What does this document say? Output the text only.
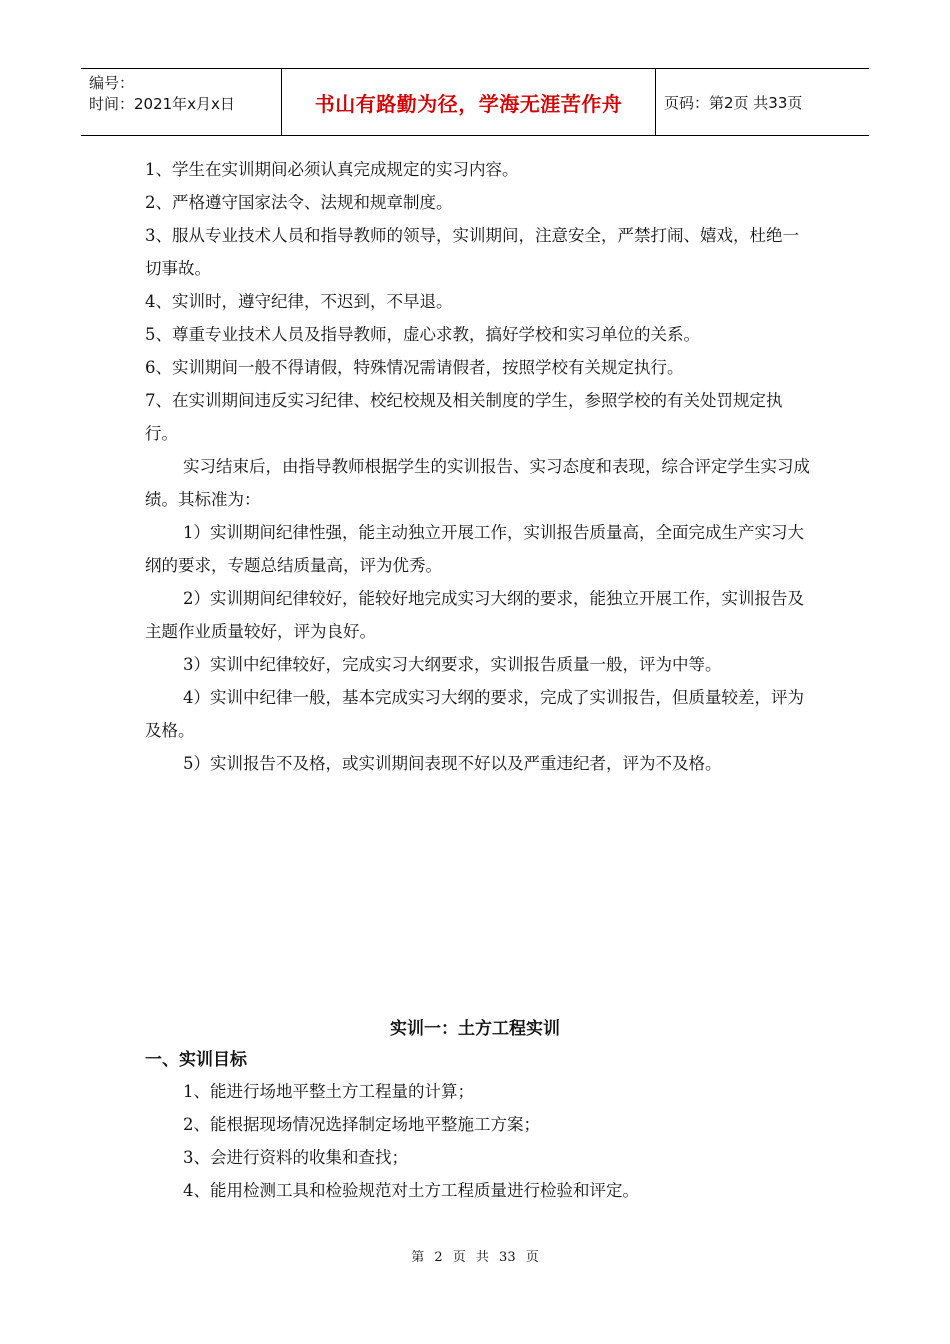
编号：
时间：2021年x月x日	书山有路勤为径，学海无涯苦作舟	页码：第2页 共33页

1、学生在实训期间必须认真完成规定的实习内容。

2、严格遵守国家法令、法规和规章制度。

3、服从专业技术人员和指导教师的领导，实训期间，注意安全，严禁打闹、嬉戏，杜绝一切事故。

4、实训时，遵守纪律，不迟到，不早退。

5、尊重专业技术人员及指导教师，虚心求教，搞好学校和实习单位的关系。

6、实训期间一般不得请假，特殊情况需请假者，按照学校有关规定执行。

7、在实训期间违反实习纪律、校纪校规及相关制度的学生，参照学校的有关处罚规定执行。

实习结束后，由指导教师根据学生的实训报告、实习态度和表现，综合评定学生实习成绩。其标准为：

1）实训期间纪律性强，能主动独立开展工作，实训报告质量高，全面完成生产实习大纲的要求，专题总结质量高，评为优秀。

2）实训期间纪律较好，能较好地完成实习大纲的要求，能独立开展工作，实训报告及主题作业质量较好，评为良好。

3）实训中纪律较好，完成实习大纲要求，实训报告质量一般，评为中等。

4）实训中纪律一般，基本完成实习大纲的要求，完成了实训报告，但质量较差，评为及格。

5）实训报告不及格，或实训期间表现不好以及严重违纪者，评为不及格。

实训一：土方工程实训
一、实训目标

1、能进行场地平整土方工程量的计算；

2、能根据现场情况选择制定场地平整施工方案；

3、会进行资料的收集和查找；

4、能用检测工具和检验规范对土方工程质量进行检验和评定。

第 2 页 共 33 页
